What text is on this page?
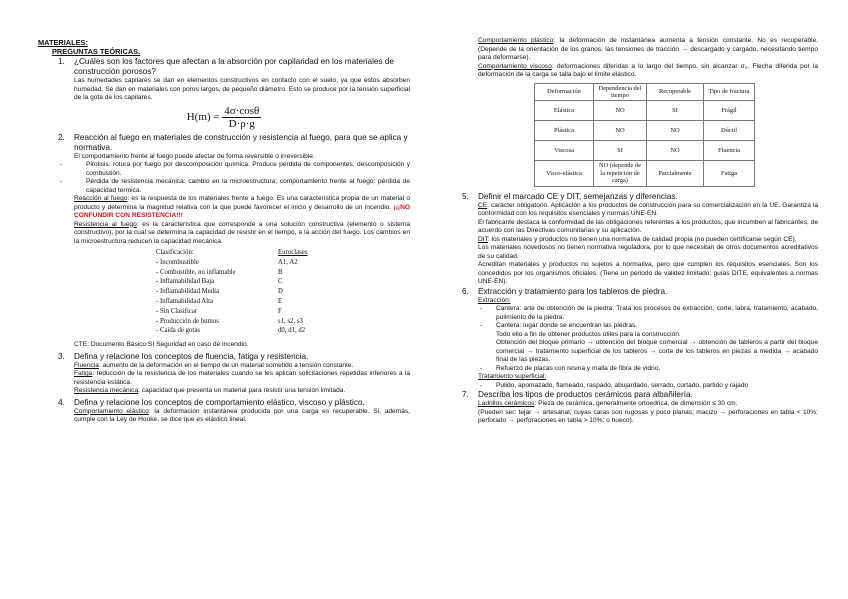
MATERIALES:

PREGUNTAS TEÓRICAS.

1. ¿Cuáles son los factores que afectan a la absorción por capilaridad en los materiales de construcción porosos?

Las humedades capilares se dan en elementos constructivos en contacto con el suelo, ya que estos absorben humedad. Se dan en materiales con poros largos, de pequeño diámetro. Esto se produce por la tensión superficial de la gota de los capilares.

$H(m) = \frac{4\sigma\cdot\cos\theta}{D\cdot\rho\cdot g}$
2. Reacción al fuego en materiales de construcción y resistencia al fuego, para que se aplica y normativa.

El comportamiento frente al fuego puede afectar de forma reversible o irreversible.

-	Pirolisis: rotura por fuego por descomposición química. Produce pérdida de componentes, descomposición y combustión.
-	Pérdida de resistencia mecánica: cambio en la microestructura; comportamiento frente al fuego: pérdida de capacidad térmica.

Reacción al fuego: es la respuesta de los materiales frente a fuego. Es una característica propia de un material o producto y determina la magnitud relativa con la que puede favorecer el inicio y desarrollo de un incendio. ¡¡¡NO CONFUNDIR CON RESISTENCIA!!!

Resistencia al fuego: es la característica que corresponde a una solución constructiva (elemento o sistema constructivo), por la cual se determina la capacidad de resistir en el tiempo, a la acción del fuego. Los cambios en la microestructura reducen la capacidad mecánica.

Clasificación:	Euroclases
- Incombustible	A1, A2
- Combustible, no inflamable	B
- Inflamabilidad Baja	C
- Inflamabilidad Media	D
- Inflamabilidad Alta	E
- Sin Clasificar	F
- Producción de humos	s1, s2, s3
- Caída de gotas	d0, d1, d2

CTE: Documento Básico SI Seguridad en caso de incendio.

3. Defina y relacione los conceptos de fluencia, fatiga y resistencia.

Fluencia: aumento de la deformación en el tiempo de un material sometido a tensión constante.

Fatiga: reducción de la resistencia de los materiales cuando se les aplican solicitaciones repetidas inferiores a la resistencia estática.

Resistencia mecánica: capacidad que presenta un material para resistir una tensión limitada.

4. Defina y relacione los conceptos de comportamiento elástico, viscoso y plástico.

Comportamiento elástico: la deformación instantánea producida por una carga es recuperable. Si, además, cumple con la Ley de Hooke, se dice que es elástico lineal.

Comportamiento plástico: la deformación de instantánea aumenta a tensión constante. No es recuperable. (Depende de la orientación de los granos; las tensiones de tracción → descargado y cargado, necesitando tiempo para deformarse).

Comportamiento viscoso: deformaciones diferidas a lo largo del tiempo, sin alcanzar σ₀. Flecha diferida por la deformación de la carga se talla bajo el límite elástico.

Deformación	Dependencia del tiempo	Recuperable	Tipo de fractura
Elástica	NO	SI	Frágil
Plástica	NO	NO	Dúctil
Viscosa	SI	NO	Fluencia
Visco-elástica	NO (depende de la repetición de carga)	Parcialmente	Fatiga
5. Definir el marcado CE y DIT, semejanzas y diferencias.

CE: carácter obligatorio. Aplicación a los productos de construcción para su comercialización en la UE. Garantiza la conformidad con los requisitos esenciales y normas UNE-EN.

El fabricante destaca la conformidad de las obligaciones referentes a los productos, que incumben al fabricantes, de acuerdo con las Directivas comunitarias y su aplicación.

DIT: los materiales y productos no tienen una normativa de calidad propia (no pueden certificarse según CE).

Los materiales novedosos no tienen normativa reguladora, por lo que necesitan de otros documentos acreditativos de su calidad.

Acreditan materiales y productos no sujetos a normativa, pero que cumplen los requisitos esenciales. Son los concedidos por los organismos oficiales. (Tiene un periodo de validez limitado; guías DITE, equivalentes a normas UNE-EN).

6. Extracción y tratamiento para los tableros de piedra.

Extracción:

- Cantera: arte de obtención de la piedra. Trata los procesos de extracción, corte, labra, tratamiento, acabado, pulimiento de la piedra.
- Cantera: lugar donde se encuentran las piedras.

Todo ello a fin de obtener productos útiles para la construcción.

Obtención del bloque primario → obtención del bloque comercial → obtención de tableros a partir del bloque comercial → tratamiento superficial de los tableros → corte de los tableros en piezas a medida → acabado final de las piezas.

- Refuerzo de placas con resina y malla de fibra de vidrio.

Tratamiento superficial:

- Pulido, apomazado, flameado, raspado, abujardado, serrado, cortado, partido y rajado
7. Describa los tipos de productos cerámicos para albañilería.

Ladrillos cerámicos: Pieza de cerámica, generalmente ortoedrica, de dimensión ≤ 30 cm.

(Pueden ser: tejar → artesanal, cuyas caras son rugosas y poco planas; macizo → perforaciones en tabla < 10%; perforado → perforaciones en tabla > 10%; o hueco).
